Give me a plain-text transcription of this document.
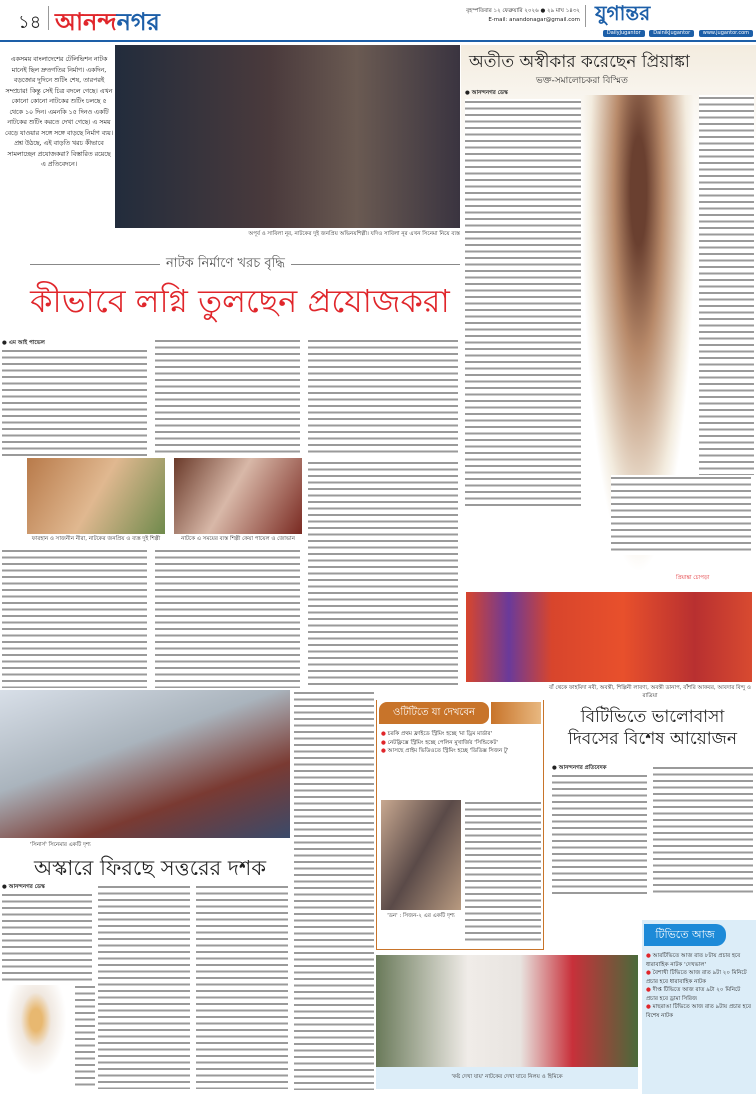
১৪ আনন্দনগর	বৃহস্পতিবার ১২ ফেব্রুয়ারি ২০২৬ ● ২৯ মাঘ ১৪৩২
E-mail: anandonagar@gmail.com যুগান্তর
DailyJugantor	DainikJugantor	www.jugantor.com
একসময় বাংলাদেশের টেলিভিশন নাটক মানেই ছিল দ্রুতগতির নির্মাণ। একদিন, বড়জোর দুদিনে শুটিং শেষ, তারপরই সম্প্রচার! কিন্তু সেই চিত্র বদলে গেছে। এখন কোনো কোনো নাটকের শুটিং চলছে ৫ থেকে ১০ দিন। এমনকি ১৫ দিনও একটি নাটকের শুটিং করতে দেখা গেছে। এ সময় বেড়ে যাওয়ার সঙ্গে সঙ্গে বাড়ছে নির্মাণ ব্যয়। প্রশ্ন উঠছে, এই বাড়তি খরচ কীভাবে সামলাচ্ছেন প্রযোজকরা? বিস্তারিত রয়েছে এ প্রতিবেদনে।
অপূর্ব ও সাবিলা নূর, নাটকের দুই জনপ্রিয় অভিনয়শিল্পী। যদিও সাবিলা নূর এখন সিনেমা নিয়ে ব্যস্ত
নাটক নির্মাণে খরচ বৃদ্ধি
কীভাবে লগ্নি তুলছেন প্রযোজকরা
● এম আই পাভেল
ফারহান ও সাজনীন নীরা, নাটকের জনপ্রিয় ও ব্যস্ত দুই শিল্পী	নাটকে এ সময়ের ব্যস্ত শিল্পী কেয়া পায়েল ও জোভান
অতীত অস্বীকার করেছেন প্রিয়াঙ্কা
ভক্ত-সমালোচকরা বিস্মিত
● আনন্দনগর ডেস্ক
প্রিয়াঙ্কা চোপড়া
বাঁ থেকে ফাহমিদা নবী, অবন্তী, শিল্পিনী লাবণ্য, অবন্তী ডানাপ, বাঁশরি আকবর, আবদার বিন্দু ও রাত্রিয়া
বিটিভিতে ভালোবাসা দিবসের বিশেষ আয়োজন
● আনন্দনগর প্রতিবেদক
টিভিতে আজ
● আরটিভিতে আজ রাত ৮টায় প্রচার হবে ধারাবাহিক নাটক 'দেখভাল'
● বৈশাখী টিভিতে আজ রাত ৯টা ২০ মিনিটে প্রচার হবে ধারাবাহিক নাটক
● দীপ্ত টিভিতে আজ রাত ৯টা ২০ মিনিটে প্রচার হবে ড্রামা সিরিজ
● মাছরাঙা টিভিতে আজ রাত ৯টায় প্রচার হবে বিশেষ নাটক
'সিনার্স' সিনেমার একটি দৃশ্য
অস্কারে ফিরছে সত্তরের দশক
● আনন্দনগর ডেস্ক
ওটিটিতে যা দেখবেন
● চরকি প্রথম ফ্রাইডে স্ট্রিমিং হচ্ছে 'মা ড্রিম মার্ডার'
● নেটফ্লিক্সে স্ট্রিমিং হচ্ছে পেলিন মুখার্জির 'সিন্ডিকেট'
● আসছে প্রাইম ভিডিওতে স্ট্রিমিং হচ্ছে 'ডিডিক্স সিজন টু'
'ডন' : সিজন-২ এর একটি দৃশ্য
'কষ্ট দেখা যায়' নাটকের দেখা যাবে নিলয় ও হিমিকে
